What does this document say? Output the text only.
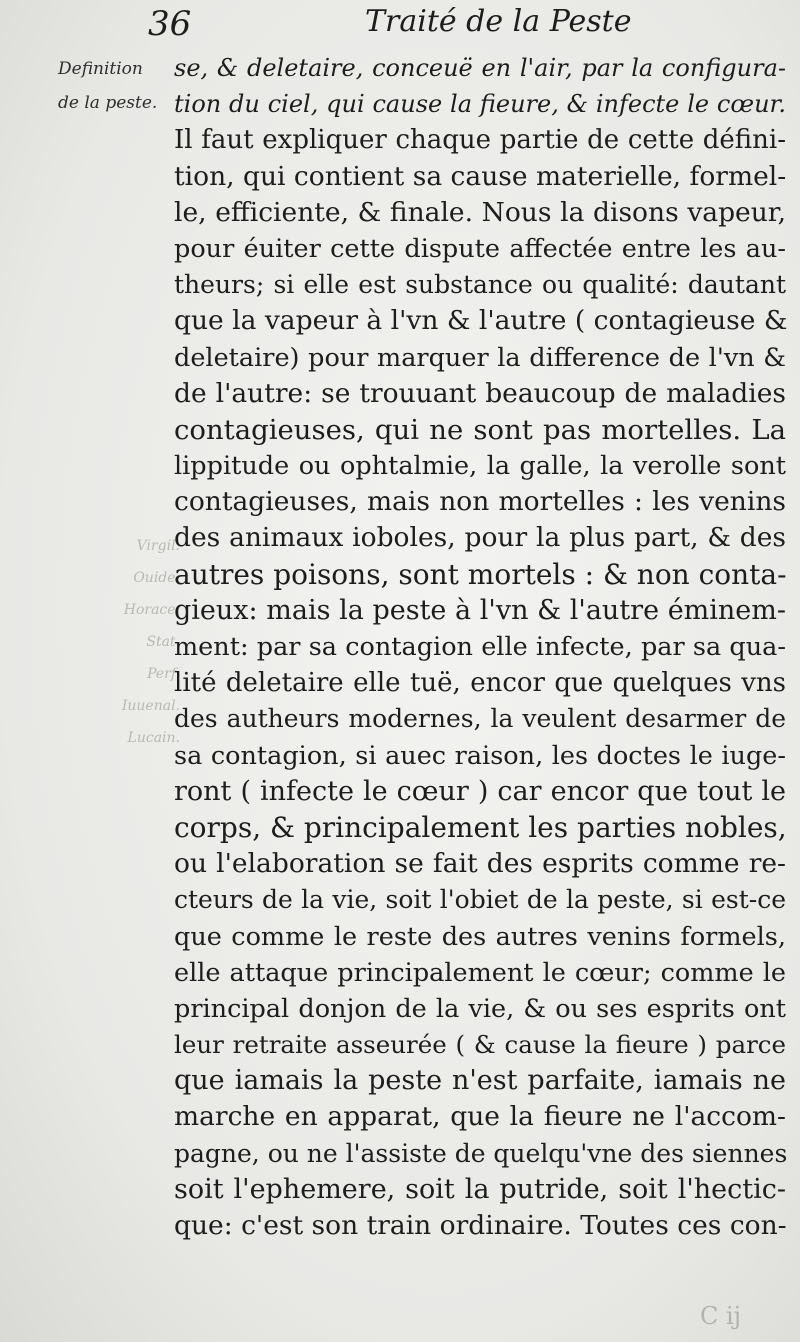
36	Traité de la Peste
Definition
de la peste.
Virgil.
Ouide.
Horace.
Stat.
Perf.
Iuuenal.
Lucain.
se, & deletaire, conceuë en l'air, par la configura-
tion du ciel, qui cause la fieure, & infecte le cœur.
Il faut expliquer chaque partie de cette défini-
tion, qui contient sa cause materielle, formel-
le, efficiente, & finale. Nous la disons vapeur,
pour éuiter cette dispute affectée entre les au-
theurs; si elle est substance ou qualité: dautant
que la vapeur à l'vn & l'autre ( contagieuse &
deletaire) pour marquer la difference de l'vn &
de l'autre: se trouuant beaucoup de maladies
contagieuses, qui ne sont pas mortelles. La
lippitude ou ophtalmie, la galle, la verolle sont
contagieuses, mais non mortelles : les venins
des animaux ioboles, pour la plus part, & des
autres poisons, sont mortels : & non conta-
gieux: mais la peste à l'vn & l'autre éminem-
ment: par sa contagion elle infecte, par sa qua-
lité deletaire elle tuë, encor que quelques vns
des autheurs modernes, la veulent desarmer de
sa contagion, si auec raison, les doctes le iuge-
ront ( infecte le cœur ) car encor que tout le
corps, & principalement les parties nobles,
ou l'elaboration se fait des esprits comme re-
cteurs de la vie, soit l'obiet de la peste, si est-ce
que comme le reste des autres venins formels,
elle attaque principalement le cœur; comme le
principal donjon de la vie, & ou ses esprits ont
leur retraite asseurée ( & cause la fieure ) parce
que iamais la peste n'est parfaite, iamais ne
marche en apparat, que la fieure ne l'accom-
pagne, ou ne l'assiste de quelqu'vne des siennes
soit l'ephemere, soit la putride, soit l'hectic-
que: c'est son train ordinaire. Toutes ces con-
C ij
